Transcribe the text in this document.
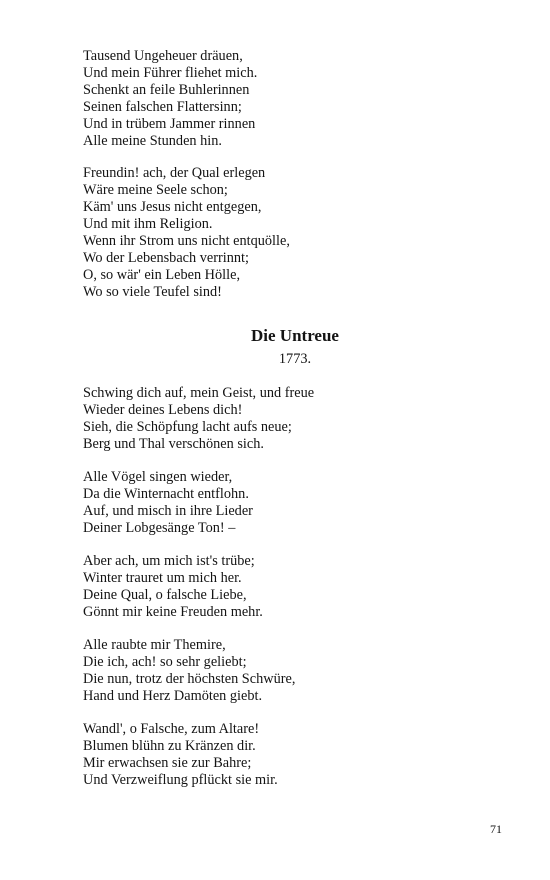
Tausend Ungeheuer dräuen,
Und mein Führer fliehet mich.
Schenkt an feile Buhlerinnen
Seinen falschen Flattersinn;
Und in trübem Jammer rinnen
Alle meine Stunden hin.
Freundin! ach, der Qual erlegen
Wäre meine Seele schon;
Käm' uns Jesus nicht entgegen,
Und mit ihm Religion.
Wenn ihr Strom uns nicht entquölle,
Wo der Lebensbach verrinnt;
O, so wär' ein Leben Hölle,
Wo so viele Teufel sind!
Die Untreue
1773.
Schwing dich auf, mein Geist, und freue
Wieder deines Lebens dich!
Sieh, die Schöpfung lacht aufs neue;
Berg und Thal verschönen sich.
Alle Vögel singen wieder,
Da die Winternacht entflohn.
Auf, und misch in ihre Lieder
Deiner Lobgesänge Ton! –
Aber ach, um mich ist's trübe;
Winter trauret um mich her.
Deine Qual, o falsche Liebe,
Gönnt mir keine Freuden mehr.
Alle raubte mir Themire,
Die ich, ach! so sehr geliebt;
Die nun, trotz der höchsten Schwüre,
Hand und Herz Damöten giebt.
Wandl', o Falsche, zum Altare!
Blumen blühn zu Kränzen dir.
Mir erwachsen sie zur Bahre;
Und Verzweiflung pflückt sie mir.
71
